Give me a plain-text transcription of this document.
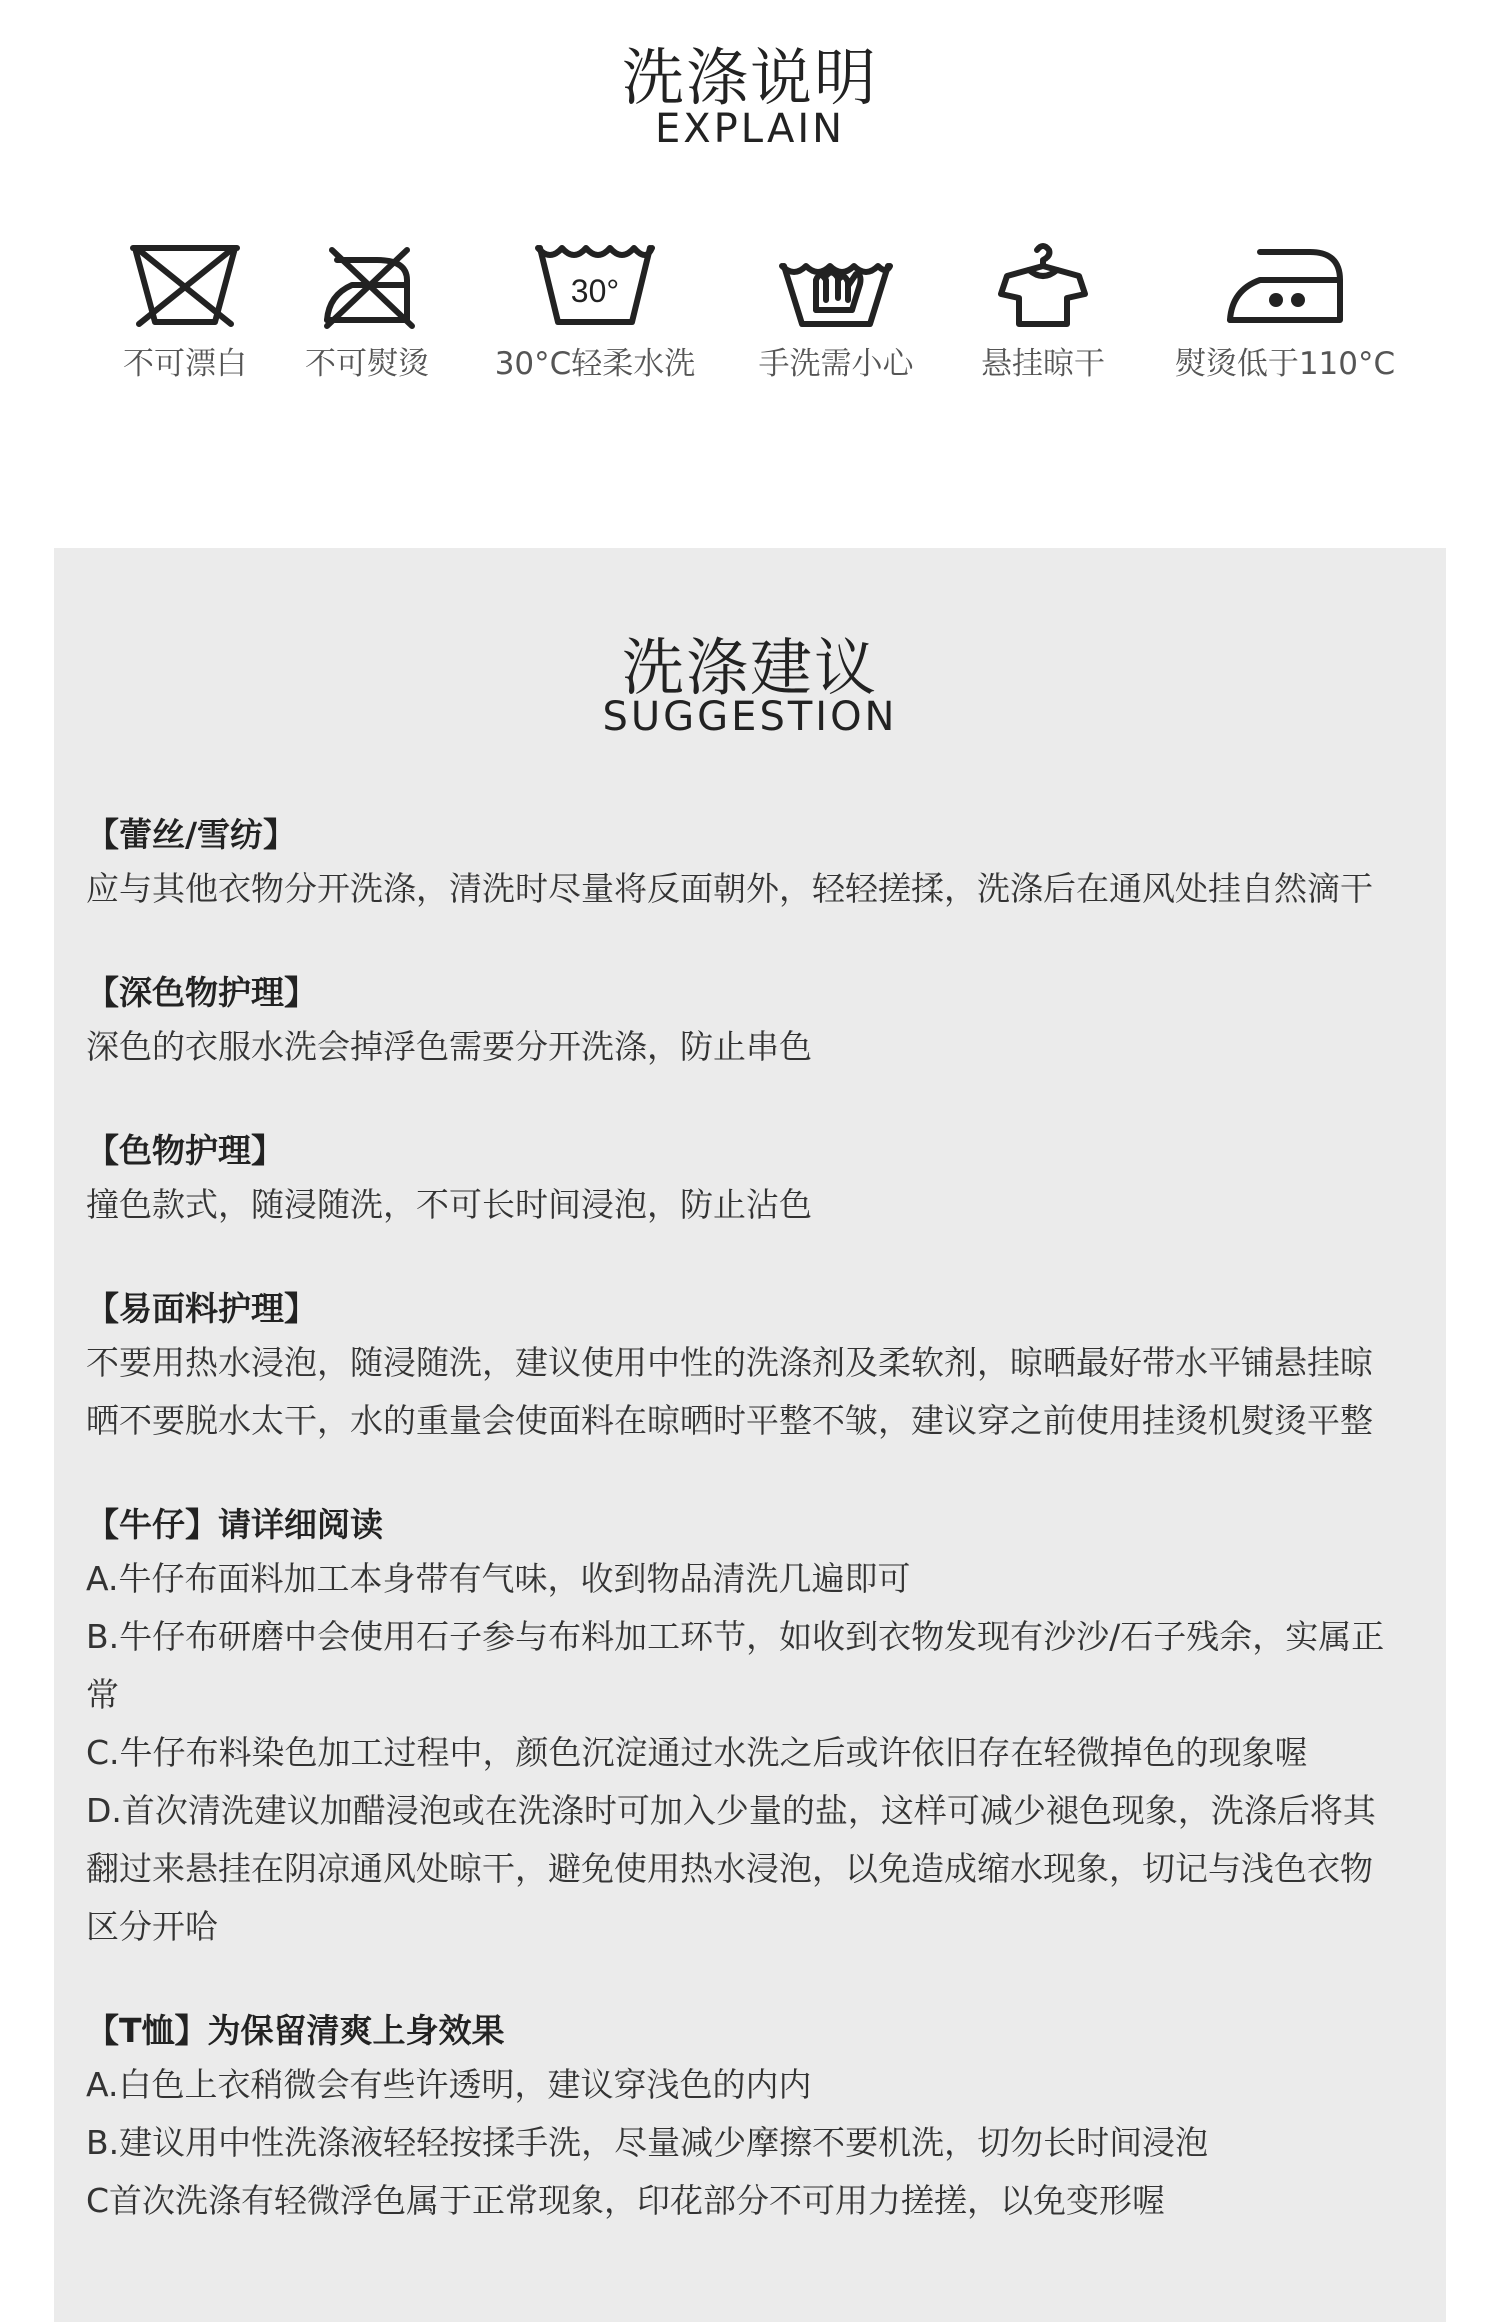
洗涤说明
EXPLAIN
不可漂白	不可熨烫
30°
30°C轻柔水洗	手洗需小心	悬挂晾干	熨烫低于110°C
洗涤建议
SUGGESTION

【蕾丝/雪纺】

应与其他衣物分开洗涤，清洗时尽量将反面朝外，轻轻搓揉，洗涤后在通风处挂自然滴干

【深色物护理】

深色的衣服水洗会掉浮色需要分开洗涤，防止串色

【色物护理】

撞色款式，随浸随洗，不可长时间浸泡，防止沾色

【易面料护理】

不要用热水浸泡，随浸随洗，建议使用中性的洗涤剂及柔软剂，晾晒最好带水平铺悬挂晾

晒不要脱水太干，水的重量会使面料在晾晒时平整不皱，建议穿之前使用挂烫机熨烫平整

【牛仔】请详细阅读

A.牛仔布面料加工本身带有气味，收到物品清洗几遍即可

B.牛仔布研磨中会使用石子参与布料加工环节，如收到衣物发现有沙沙/石子残余，实属正

常

C.牛仔布料染色加工过程中，颜色沉淀通过水洗之后或许依旧存在轻微掉色的现象喔

D.首次清洗建议加醋浸泡或在洗涤时可加入少量的盐，这样可减少褪色现象，洗涤后将其

翻过来悬挂在阴凉通风处晾干，避免使用热水浸泡，以免造成缩水现象，切记与浅色衣物

区分开哈

【T恤】为保留清爽上身效果

A.白色上衣稍微会有些许透明，建议穿浅色的内内

B.建议用中性洗涤液轻轻按揉手洗，尽量减少摩擦不要机洗，切勿长时间浸泡

C首次洗涤有轻微浮色属于正常现象，印花部分不可用力搓搓，以免变形喔
